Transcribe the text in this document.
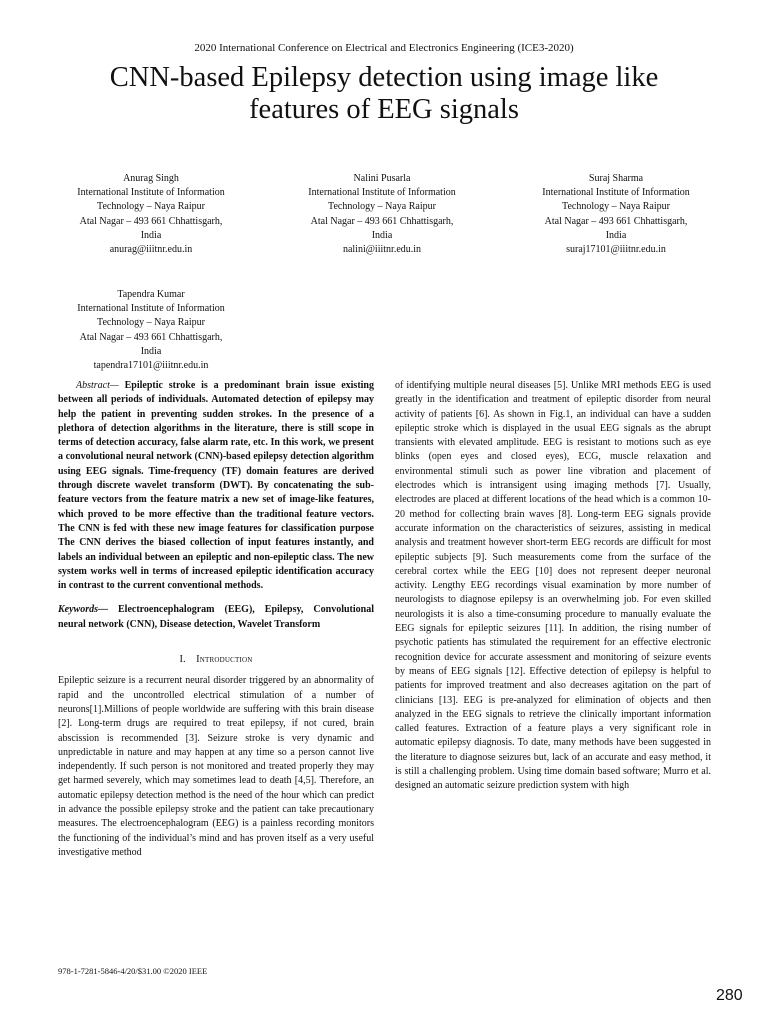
2020 International Conference on Electrical and Electronics Engineering (ICE3-2020)
CNN-based Epilepsy detection using image like
features of EEG signals
Anurag Singh
International Institute of Information
Technology – Naya Raipur
Atal Nagar – 493 661 Chhattisgarh,
India
anurag@iiitnr.edu.in
Nalini Pusarla
International Institute of Information
Technology – Naya Raipur
Atal Nagar – 493 661 Chhattisgarh,
India
nalini@iiitnr.edu.in
Suraj Sharma
International Institute of Information
Technology – Naya Raipur
Atal Nagar – 493 661 Chhattisgarh,
India
suraj17101@iiitnr.edu.in
Tapendra Kumar
International Institute of Information
Technology – Naya Raipur
Atal Nagar – 493 661 Chhattisgarh,
India
tapendra17101@iiitnr.edu.in

Abstract— Epileptic stroke is a predominant brain issue existing between all periods of individuals. Automated detection of epilepsy may help the patient in preventing sudden strokes. In the presence of a plethora of detection algorithms in the literature, there is still scope in terms of detection accuracy, false alarm rate, etc. In this work, we present a convolutional neural network (CNN)-based epilepsy detection algorithm using EEG signals. Time-frequency (TF) domain features are derived through discrete wavelet transform (DWT). By concatenating the sub-feature vectors from the feature matrix a new set of image-like features, which proved to be more effective than the traditional feature vectors. The CNN is fed with these new image features for classification purpose The CNN derives the biased collection of input features instantly, and labels an individual between an epileptic and non-epileptic class. The new system works well in terms of increased epileptic identification accuracy in contrast to the current conventional methods.

Keywords— Electroencephalogram (EEG), Epilepsy, Convolutional neural network (CNN), Disease detection, Wavelet Transform

I. Introduction

Epileptic seizure is a recurrent neural disorder triggered by an abnormality of rapid and the uncontrolled electrical stimulation of a number of neurons[1].Millions of people worldwide are suffering with this brain disease [2]. Long-term drugs are required to treat epilepsy, if not cured, brain abscission is recommended [3]. Seizure stroke is very dynamic and unpredictable in nature and may happen at any time so a person cannot live independently. If such person is not monitored and treated properly they may get harmed severely, which may sometimes lead to death [4,5]. Therefore, an automatic epilepsy detection method is the need of the hour which can predict in advance the possible epilepsy stroke and the patient can take precautionary measures. The electroencephalogram (EEG) is a painless recording monitors the functioning of the individual’s mind and has proven itself as a very useful investigative method

of identifying multiple neural diseases [5]. Unlike MRI methods EEG is used greatly in the identification and treatment of epileptic disorder from neural activity of patients [6]. As shown in Fig.1, an individual can have a sudden epileptic stroke which is displayed in the usual EEG signals as the abrupt transients with elevated amplitude. EEG is resistant to motions such as eye blinks (open eyes and closed eyes), ECG, muscle relaxation and environmental stimuli such as power line vibration and placement of electrodes which is intransigent using imaging methods [7]. Usually, electrodes are placed at different locations of the head which is a common 10-20 method for collecting brain waves [8]. Long-term EEG signals provide accurate information on the characteristics of seizures, assisting in medical analysis and treatment however short-term EEG records are difficult for most epileptic subjects [9]. Such measurements come from the surface of the cerebral cortex while the EEG [10] does not represent deeper neuronal activity. Lengthy EEG recordings visual examination by more number of neurologists to diagnose epilepsy is an overwhelming job. For even skilled neurologists it is also a time-consuming procedure to manually evaluate the EEG signals for epileptic seizures [11]. In addition, the rising number of psychotic patients has stimulated the requirement for an effective electronic recognition device for accurate assessment and monitoring of seizure events by means of EEG signals [12]. Effective detection of epilepsy is helpful to patients for improved treatment and also decreases agitation on the part of clinicians [13]. EEG is pre-analyzed for elimination of objects and then analyzed in the EEG signals to retrieve the clinically important information called features. Extraction of a feature plays a very significant role in automatic epilepsy diagnosis. To date, many methods have been suggested in the literature to diagnose seizures but, lack of an accurate and easy method, it is still a challenging problem. Using time domain based software; Murro et al. designed an automatic seizure prediction system with high

978-1-7281-5846-4/20/$31.00 ©2020 IEEE
280
